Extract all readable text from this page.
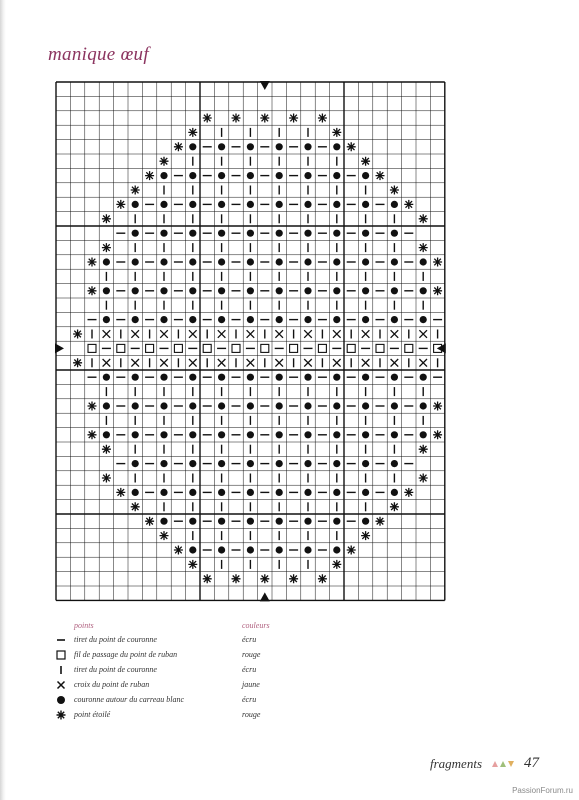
manique œuf
points	couleurs
tiret du point de couronne	écru
fil de passage du point de ruban	rouge
tiret du point de couronne	écru
croix du point de ruban	jaune
couronne autour du carreau blanc	écru
point étoilé	rouge
fragments	47
PassionForum.ru
